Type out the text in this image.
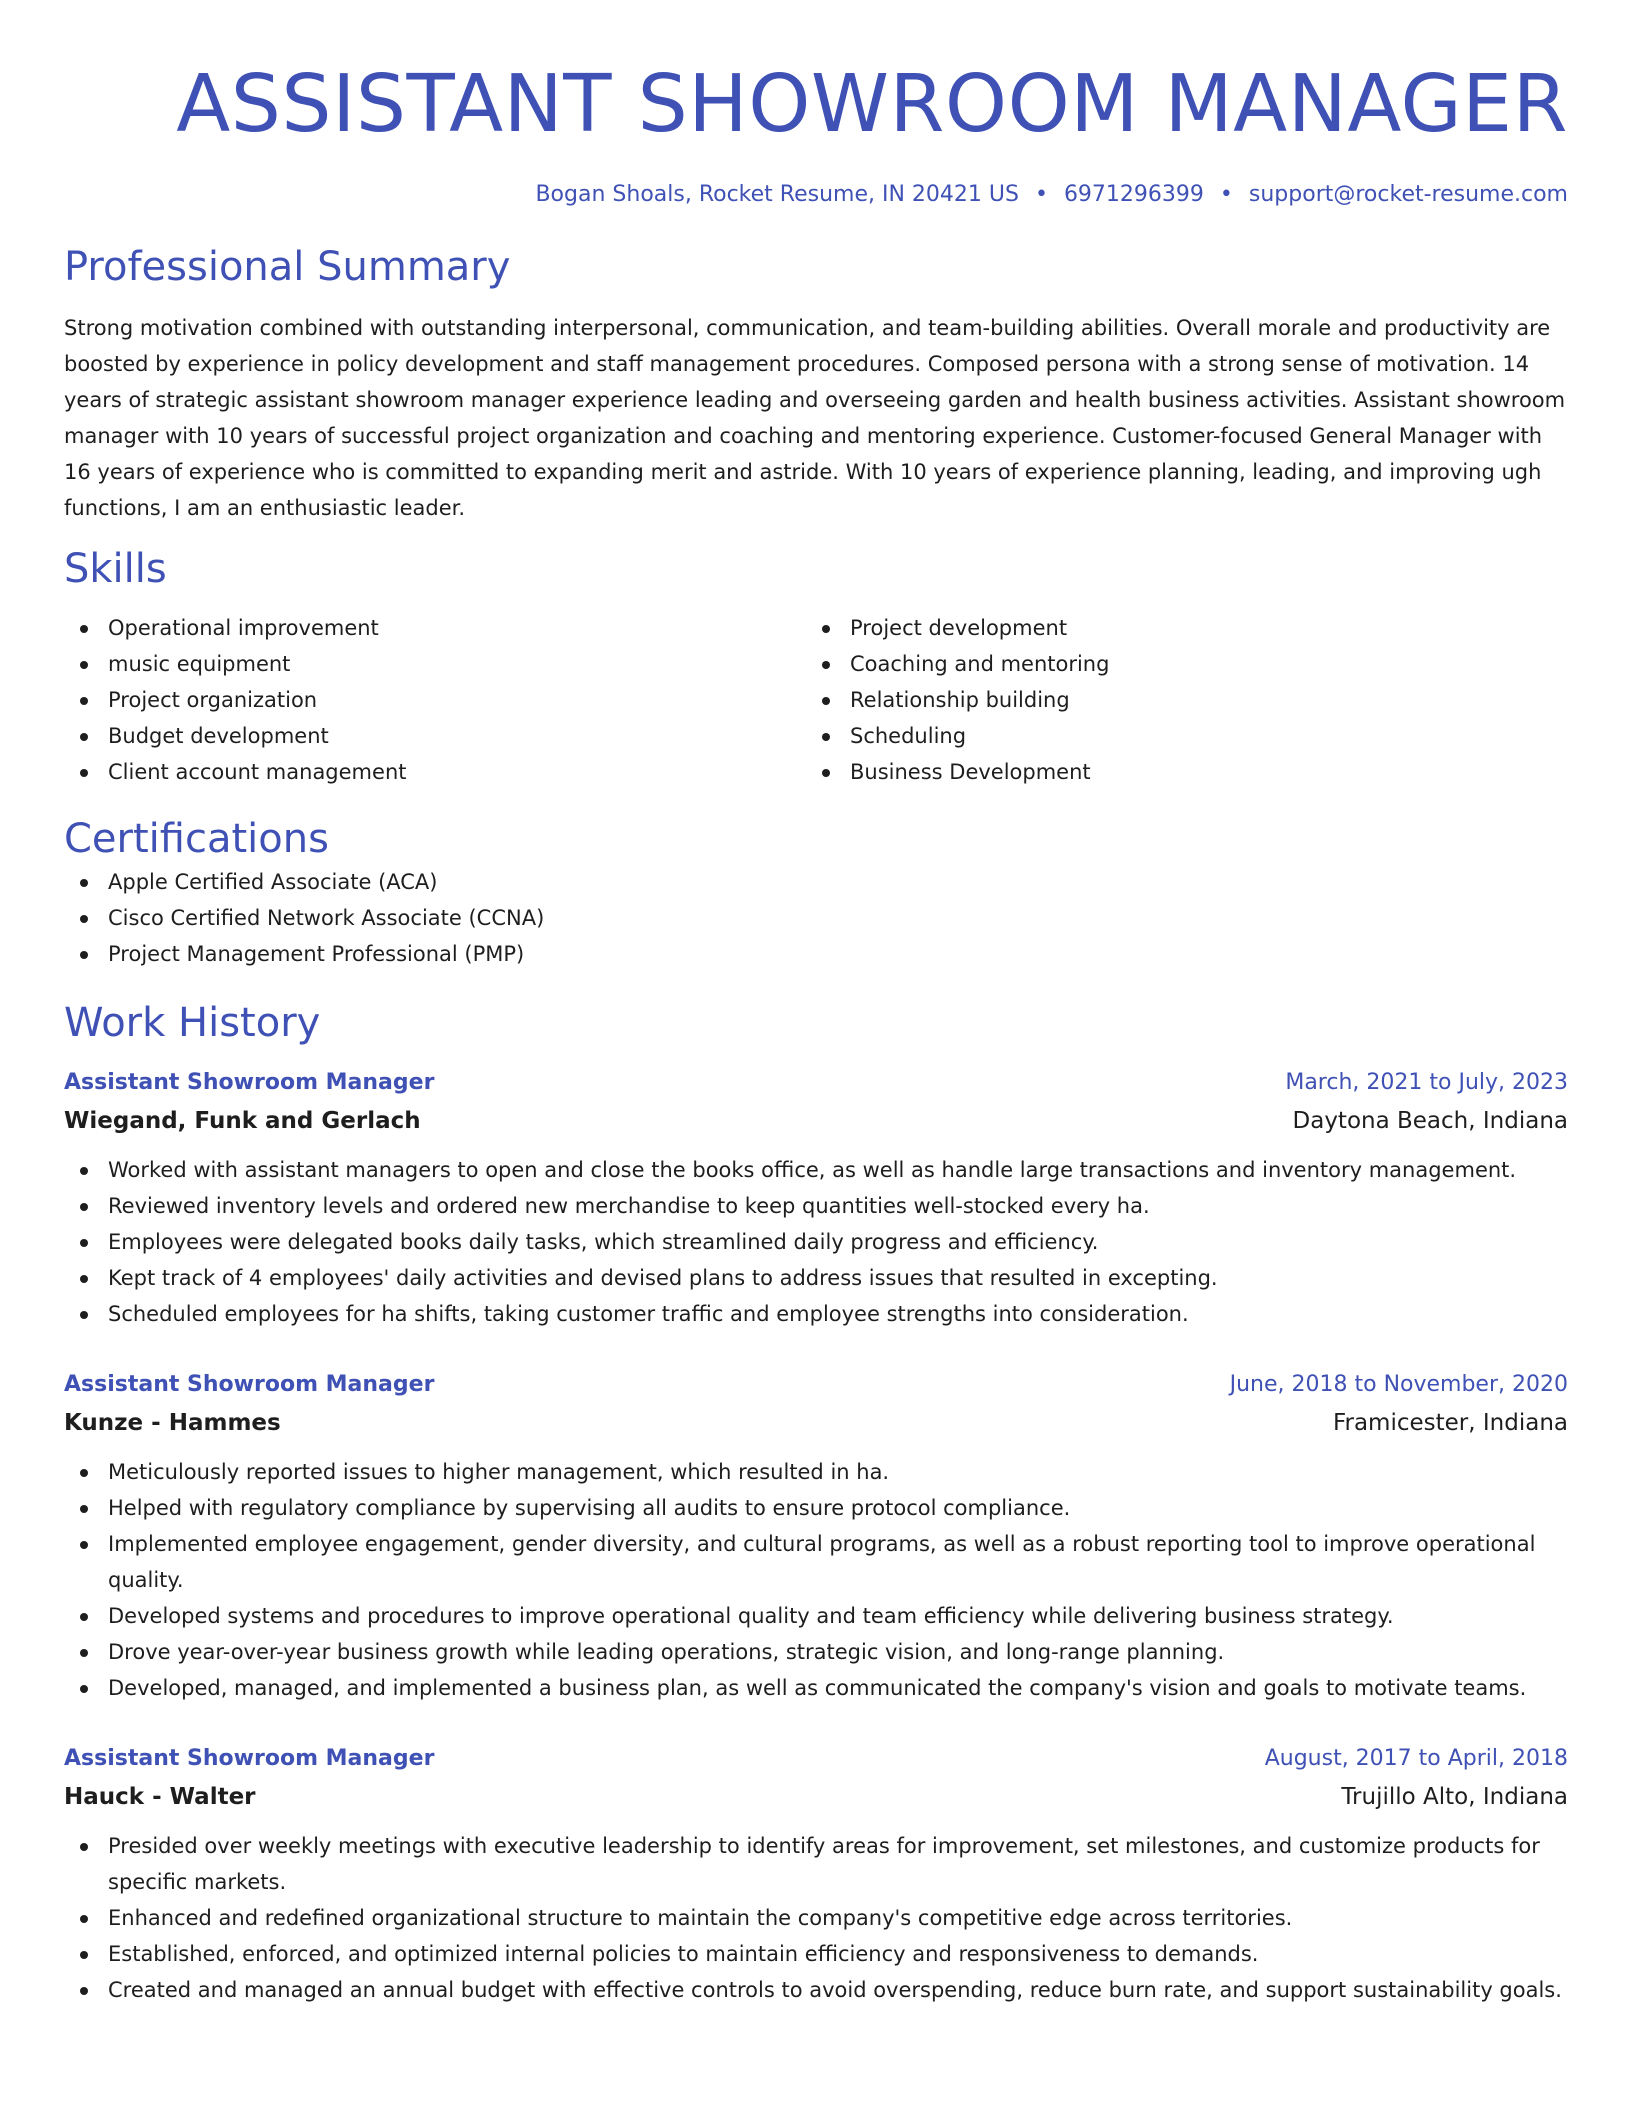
ASSISTANT SHOWROOM MANAGER
Bogan Shoals, Rocket Resume, IN 20421 US • 6971296399 • support@rocket-resume.com
Professional Summary

Strong motivation combined with outstanding interpersonal, communication, and team-building abilities. Overall morale and productivity are boosted by experience in policy development and staff management procedures. Composed persona with a strong sense of motivation. 14 years of strategic assistant showroom manager experience leading and overseeing garden and health business activities. Assistant showroom manager with 10 years of successful project organization and coaching and mentoring experience. Customer-focused General Manager with 16 years of experience who is committed to expanding merit and astride. With 10 years of experience planning, leading, and improving ugh functions, I am an enthusiastic leader.

Skills
Operational improvement
music equipment
Project organization
Budget development
Client account management
Project development
Coaching and mentoring
Relationship building
Scheduling
Business Development
Certifications
Apple Certified Associate (ACA)
Cisco Certified Network Associate (CCNA)
Project Management Professional (PMP)
Work History
Assistant Showroom Manager	March, 2021 to July, 2023
Wiegand, Funk and Gerlach	Daytona Beach, Indiana
Worked with assistant managers to open and close the books office, as well as handle large transactions and inventory management.
Reviewed inventory levels and ordered new merchandise to keep quantities well-stocked every ha.
Employees were delegated books daily tasks, which streamlined daily progress and efficiency.
Kept track of 4 employees' daily activities and devised plans to address issues that resulted in excepting.
Scheduled employees for ha shifts, taking customer traffic and employee strengths into consideration.
Assistant Showroom Manager	June, 2018 to November, 2020
Kunze - Hammes	Framicester, Indiana
Meticulously reported issues to higher management, which resulted in ha.
Helped with regulatory compliance by supervising all audits to ensure protocol compliance.
Implemented employee engagement, gender diversity, and cultural programs, as well as a robust reporting tool to improve operational quality.
Developed systems and procedures to improve operational quality and team efficiency while delivering business strategy.
Drove year-over-year business growth while leading operations, strategic vision, and long-range planning.
Developed, managed, and implemented a business plan, as well as communicated the company's vision and goals to motivate teams.
Assistant Showroom Manager	August, 2017 to April, 2018
Hauck - Walter	Trujillo Alto, Indiana
Presided over weekly meetings with executive leadership to identify areas for improvement, set milestones, and customize products for specific markets.
Enhanced and redefined organizational structure to maintain the company's competitive edge across territories.
Established, enforced, and optimized internal policies to maintain efficiency and responsiveness to demands.
Created and managed an annual budget with effective controls to avoid overspending, reduce burn rate, and support sustainability goals.
